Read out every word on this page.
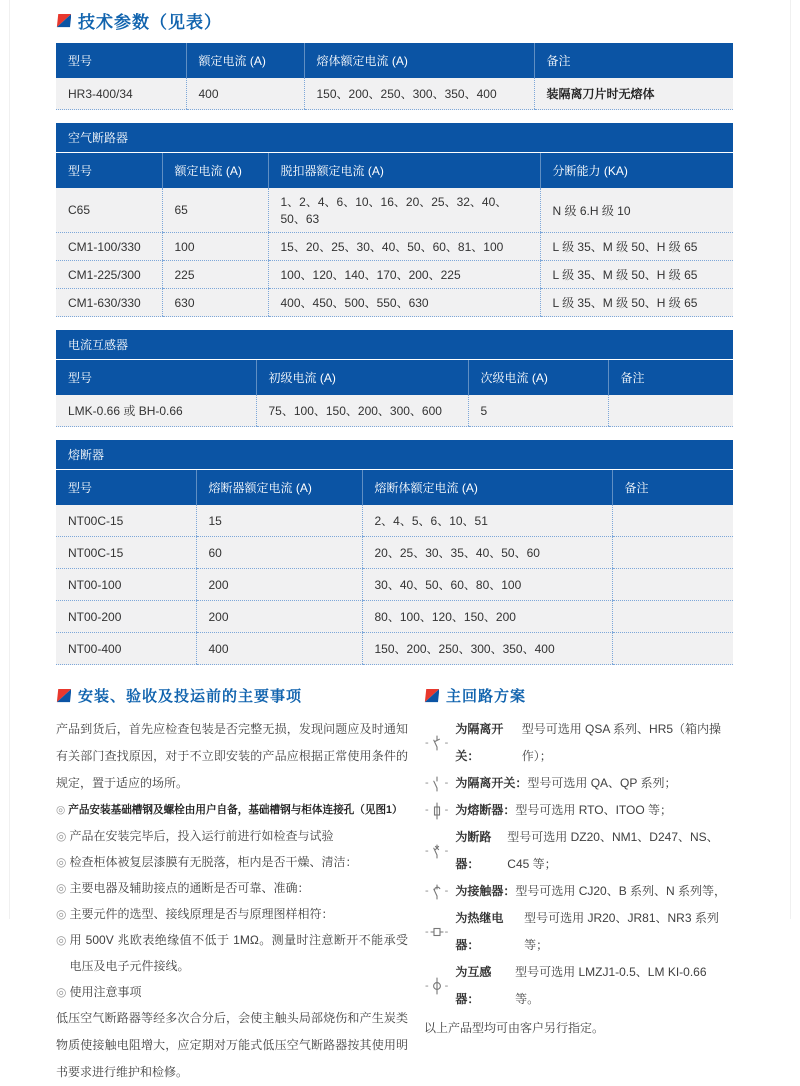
技术参数（见表）
型号	额定电流 (A)	熔体额定电流 (A)	备注
HR3-400/34	400	150、200、250、300、350、400	装隔离刀片时无熔体
空气断路器
型号	额定电流 (A)	脱扣器额定电流 (A)	分断能力 (KA)
C65	65	1、2、4、6、10、16、20、25、32、40、50、63	N 级 6.H 级 10
CM1-100/330	100	15、20、25、30、40、50、60、81、100	L 级 35、M 级 50、H 级 65
CM1-225/300	225	100、120、140、170、200、225	L 级 35、M 级 50、H 级 65
CM1-630/330	630	400、450、500、550、630	L 级 35、M 级 50、H 级 65
电流互感器
型号	初级电流 (A)	次级电流 (A)	备注
LMK-0.66 或 BH-0.66	75、100、150、200、300、600	5	
熔断器
型号	熔断器额定电流 (A)	熔断体额定电流 (A)	备注
NT00C-15	15	2、4、5、6、10、51	
NT00C-15	60	20、25、30、35、40、50、60	
NT00-100	200	30、40、50、60、80、100	
NT00-200	200	80、100、120、150、200	
NT00-400	400	150、200、250、300、350、400	
安装、验收及投运前的主要事项

产品到货后，首先应检查包装是否完整无损，发现问题应及时通知有关部门查找原因，对于不立即安装的产品应根据正常使用条件的规定，置于适应的场所。

◎ 产品安装基础槽钢及螺栓由用户自备，基础槽钢与柜体连接孔（见图1）
◎ 产品在安装完毕后，投入运行前进行如检查与试验
◎ 检查柜体被复层漆膜有无脱落，柜内是否干燥、清洁：
◎ 主要电器及辅助接点的通断是否可靠、准确：
◎ 主要元件的选型、接线原理是否与原理图样相符：
◎ 用 500V 兆欧表绝缘值不低于 1MΩ。测量时注意断开不能承受电压及电子元件接线。
◎ 使用注意事项

低压空气断路器等经多次合分后，会使主触头局部烧伤和产生炭类物质使接触电阻增大，应定期对万能式低压空气断路器按其使用明书要求进行维护和检修。

主回路方案
- -
为隔离开关：
型号可选用 QSA 系列、HR5（箱内操作）；
- - 为隔离开关： 型号可选用 QA、QP 系列；
- - 为熔断器： 型号可选用 RTO、ITOO 等；
- -
为断路器：
型号可选用 DZ20、NM1、D247、NS、C45 等；
- - 为接触器： 型号可选用 CJ20、B 系列、N 系列等，
- -
为热继电器：
型号可选用 JR20、JR81、NR3 系列等；
- -
为互感器：
型号可选用 LMZJ1-0.5、LM KI-0.66 等。

以上产品型均可由客户另行指定。
